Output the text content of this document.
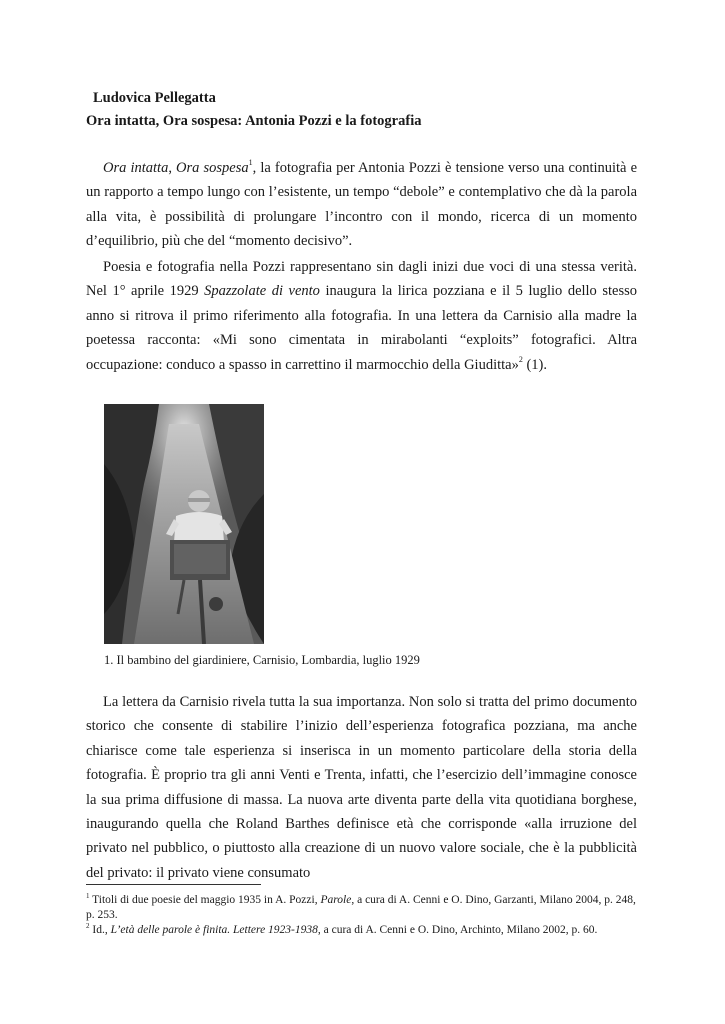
Ludovica Pellegatta
Ora intatta, Ora sospesa: Antonia Pozzi e la fotografia

Ora intatta, Ora sospesa$^1$, la fotografia per Antonia Pozzi è tensione verso una continuità e un rapporto a tempo lungo con l’esistente, un tempo “debole” e contemplativo che dà la parola alla vita, è possibilità di prolungare l’incontro con il mondo, ricerca di un momento d’equilibrio, più che del “momento decisivo”.

Poesia e fotografia nella Pozzi rappresentano sin dagli inizi due voci di una stessa verità. Nel 1° aprile 1929 Spazzolate di vento inaugura la lirica pozziana e il 5 luglio dello stesso anno si ritrova il primo riferimento alla fotografia. In una lettera da Carnisio alla madre la poetessa racconta: «Mi sono cimentata in mirabolanti “exploits” fotografici. Altra occupazione: conduco a spasso in carrettino il marmocchio della Giuditta»$^2$ (1).

1. Il bambino del giardiniere, Carnisio, Lombardia, luglio 1929

La lettera da Carnisio rivela tutta la sua importanza. Non solo si tratta del primo documento storico che consente di stabilire l’inizio dell’esperienza fotografica pozziana, ma anche chiarisce come tale esperienza si inserisca in un momento particolare della storia della fotografia. È proprio tra gli anni Venti e Trenta, infatti, che l’esercizio dell’immagine conosce la sua prima diffusione di massa. La nuova arte diventa parte della vita quotidiana borghese, inaugurando quella che Roland Barthes definisce età che corrisponde «alla irruzione del privato nel pubblico, o piuttosto alla creazione di un nuovo valore sociale, che è la pubblicità del privato: il privato viene consumato

$^1$ Titoli di due poesie del maggio 1935 in A. Pozzi, Parole, a cura di A. Cenni e O. Dino, Garzanti, Milano 2004, p. 248, p. 253.

$^2$ Id., L’età delle parole è finita. Lettere 1923-1938, a cura di A. Cenni e O. Dino, Archinto, Milano 2002, p. 60.
